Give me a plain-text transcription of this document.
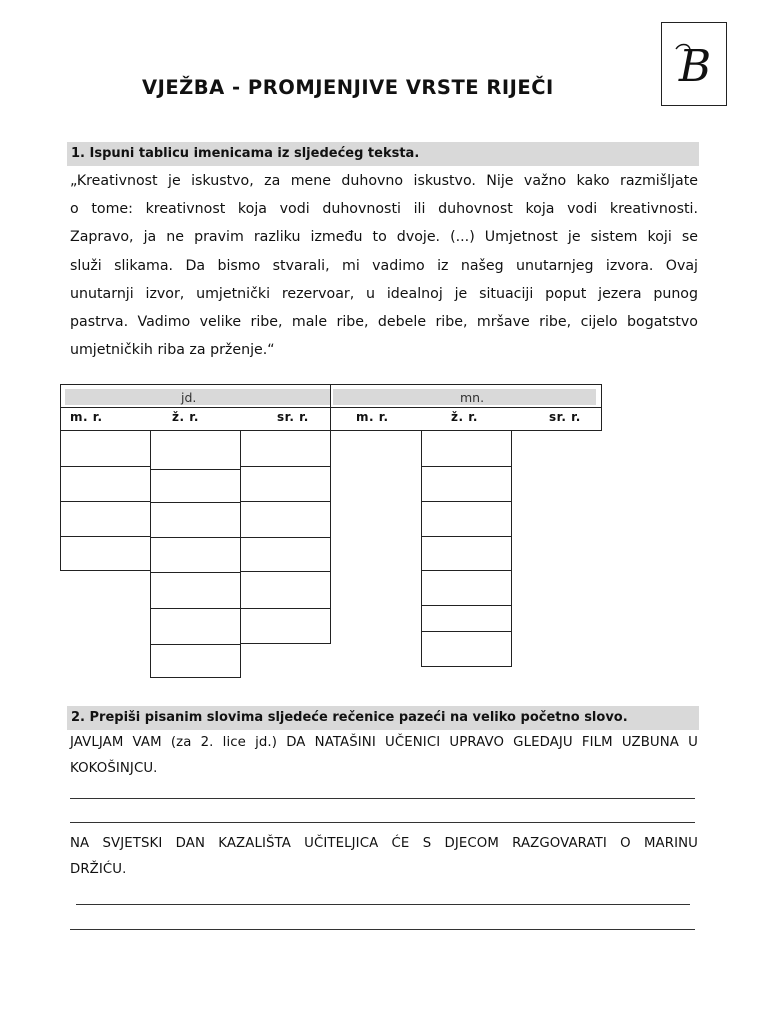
B
VJEŽBA - PROMJENJIVE VRSTE RIJEČI
1. Ispuni tablicu imenicama iz sljedećeg teksta.
„Kreativnost je iskustvo, za mene duhovno iskustvo. Nije važno kako razmišljate
o tome: kreativnost koja vodi duhovnosti ili duhovnost koja vodi kreativnosti.
Zapravo, ja ne pravim razliku između to dvoje. (...) Umjetnost je sistem koji se
služi slikama. Da bismo stvarali, mi vadimo iz našeg unutarnjeg izvora. Ovaj
unutarnji izvor, umjetnički rezervoar, u idealnoj je situaciji poput jezera punog
pastrva. Vadimo velike ribe, male ribe, debele ribe, mršave ribe, cijelo bogatstvo
umjetničkih riba za prženje.“
jd.	mn.
m. r.	ž. r.	sr. r.	m. r.	ž. r.	sr. r.
2. Prepiši pisanim slovima sljedeće rečenice pazeći na veliko početno slovo.
JAVLJAM VAM (za 2. lice jd.) DA NATAŠINI UČENICI UPRAVO GLEDAJU FILM UZBUNA U
KOKOŠINJCU.
NA SVJETSKI DAN KAZALIŠTA UČITELJICA ĆE S DJECOM RAZGOVARATI O MARINU
DRŽIĆU.
